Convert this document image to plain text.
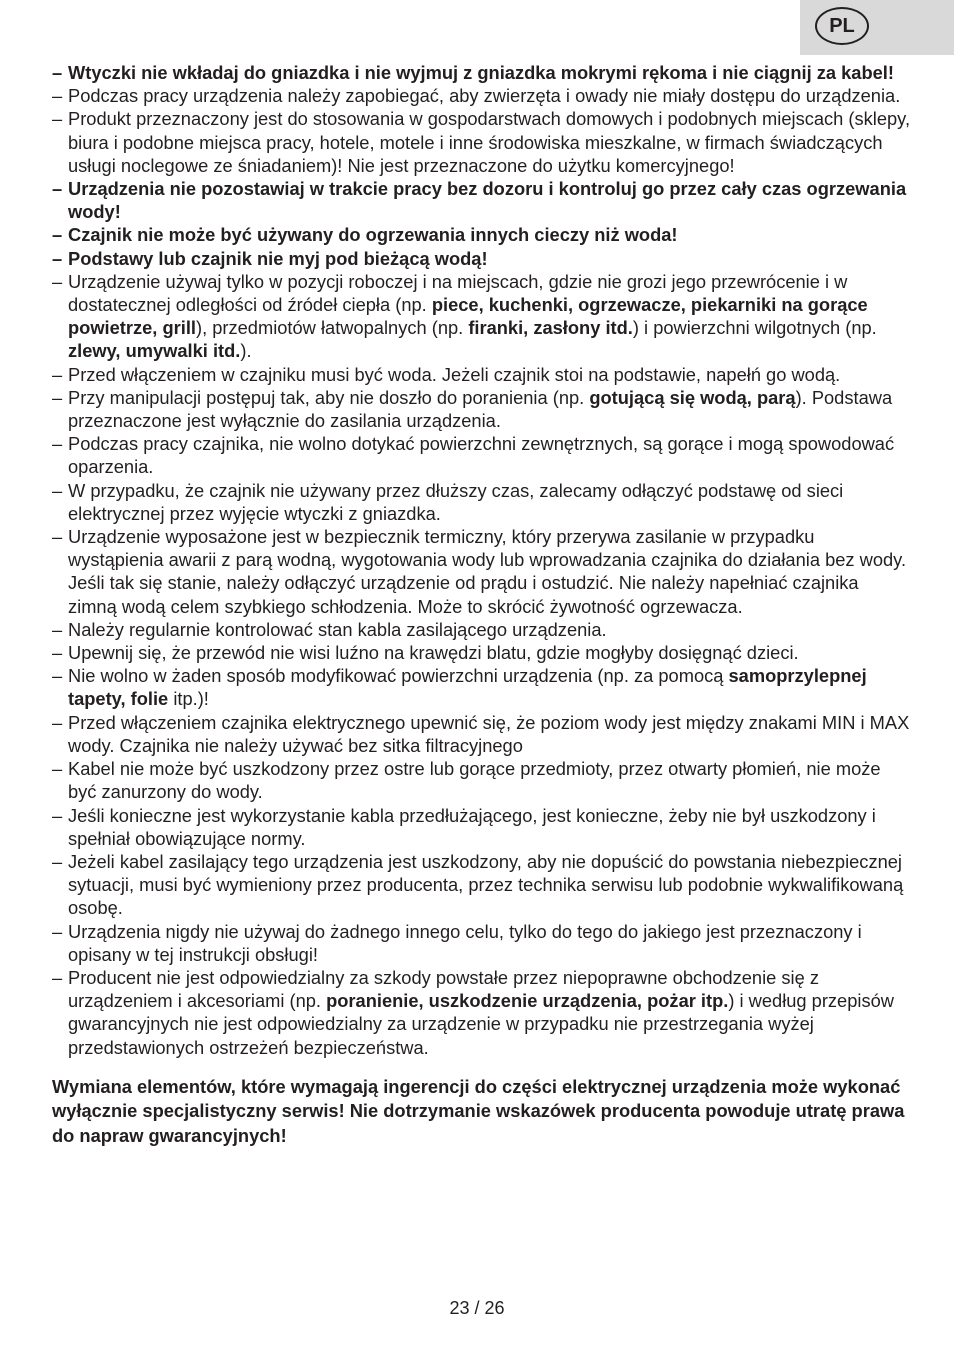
PL
– Wtyczki nie wkładaj do gniazdka i nie wyjmuj z gniazdka mokrymi rękoma i nie ciągnij za kabel!
– Podczas pracy urządzenia należy zapobiegać, aby zwierzęta i owady nie miały dostępu do urządzenia.
– Produkt przeznaczony jest do stosowania w gospodarstwach domowych i podobnych miejscach (sklepy, biura i podobne miejsca pracy, hotele, motele i inne środowiska mieszkalne, w firmach świadczących usługi noclegowe ze śniadaniem)! Nie jest przeznaczone do użytku komercyjnego!
– Urządzenia nie pozostawiaj w trakcie pracy bez dozoru i kontroluj go przez cały czas ogrzewania wody!
– Czajnik nie może być używany do ogrzewania innych cieczy niż woda!
– Podstawy lub czajnik nie myj pod bieżącą wodą!
– Urządzenie używaj tylko w pozycji roboczej i na miejscach, gdzie nie grozi jego przewrócenie i w dostatecznej odległości od źródeł ciepła (np. piece, kuchenki, ogrzewacze, piekarniki na gorące powietrze, grill), przedmiotów łatwopalnych (np. firanki, zasłony itd.) i powierzchni wilgotnych (np. zlewy, umywalki itd.).
– Przed włączeniem w czajniku musi być woda. Jeżeli czajnik stoi na podstawie, napełń go wodą.
– Przy manipulacji postępuj tak, aby nie doszło do poranienia (np. gotującą się wodą, parą). Podstawa przeznaczone jest wyłącznie do zasilania urządzenia.
– Podczas pracy czajnika, nie wolno dotykać powierzchni zewnętrznych, są gorące i mogą spowodować oparzenia.
– W przypadku, że czajnik nie używany przez dłuższy czas, zalecamy odłączyć podstawę od sieci elektrycznej przez wyjęcie wtyczki z gniazdka.
– Urządzenie wyposażone jest w bezpiecznik termiczny, który przerywa zasilanie w przypadku wystąpienia awarii z parą wodną, wygotowania wody lub wprowadzania czajnika do działania bez wody. Jeśli tak się stanie, należy odłączyć urządzenie od prądu i ostudzić. Nie należy napełniać czajnika zimną wodą celem szybkiego schłodzenia. Może to skrócić żywotność ogrzewacza.
– Należy regularnie kontrolować stan kabla zasilającego urządzenia.
– Upewnij się, że przewód nie wisi luźno na krawędzi blatu, gdzie mogłyby dosięgnąć dzieci.
– Nie wolno w żaden sposób modyfikować powierzchni urządzenia (np. za pomocą samoprzylepnej tapety, folie itp.)!
– Przed włączeniem czajnika elektrycznego upewnić się, że poziom wody jest między znakami MIN i MAX wody. Czajnika nie należy używać bez sitka filtracyjnego
– Kabel nie może być uszkodzony przez ostre lub gorące przedmioty, przez otwarty płomień, nie może być zanurzony do wody.
– Jeśli konieczne jest wykorzystanie kabla przedłużającego, jest konieczne, żeby nie był uszkodzony i spełniał obowiązujące normy.
– Jeżeli kabel zasilający tego urządzenia jest uszkodzony, aby nie dopuścić do powstania niebezpiecznej sytuacji, musi być wymieniony przez producenta, przez technika serwisu lub podobnie wykwalifikowaną osobę.
– Urządzenia nigdy nie używaj do żadnego innego celu, tylko do tego do jakiego jest przeznaczony i opisany w tej instrukcji obsługi!
– Producent nie jest odpowiedzialny za szkody powstałe przez niepoprawne obchodzenie się z urządzeniem i akcesoriami (np. poranienie, uszkodzenie urządzenia, pożar itp.) i według przepisów gwarancyjnych nie jest odpowiedzialny za urządzenie w przypadku nie przestrzegania wyżej przedstawionych ostrzeżeń bezpieczeństwa.
Wymiana elementów, które wymagają ingerencji do części elektrycznej urządzenia może wykonać wyłącznie specjalistyczny serwis! Nie dotrzymanie wskazówek producenta powoduje utratę prawa do napraw gwarancyjnych!
23 / 26
